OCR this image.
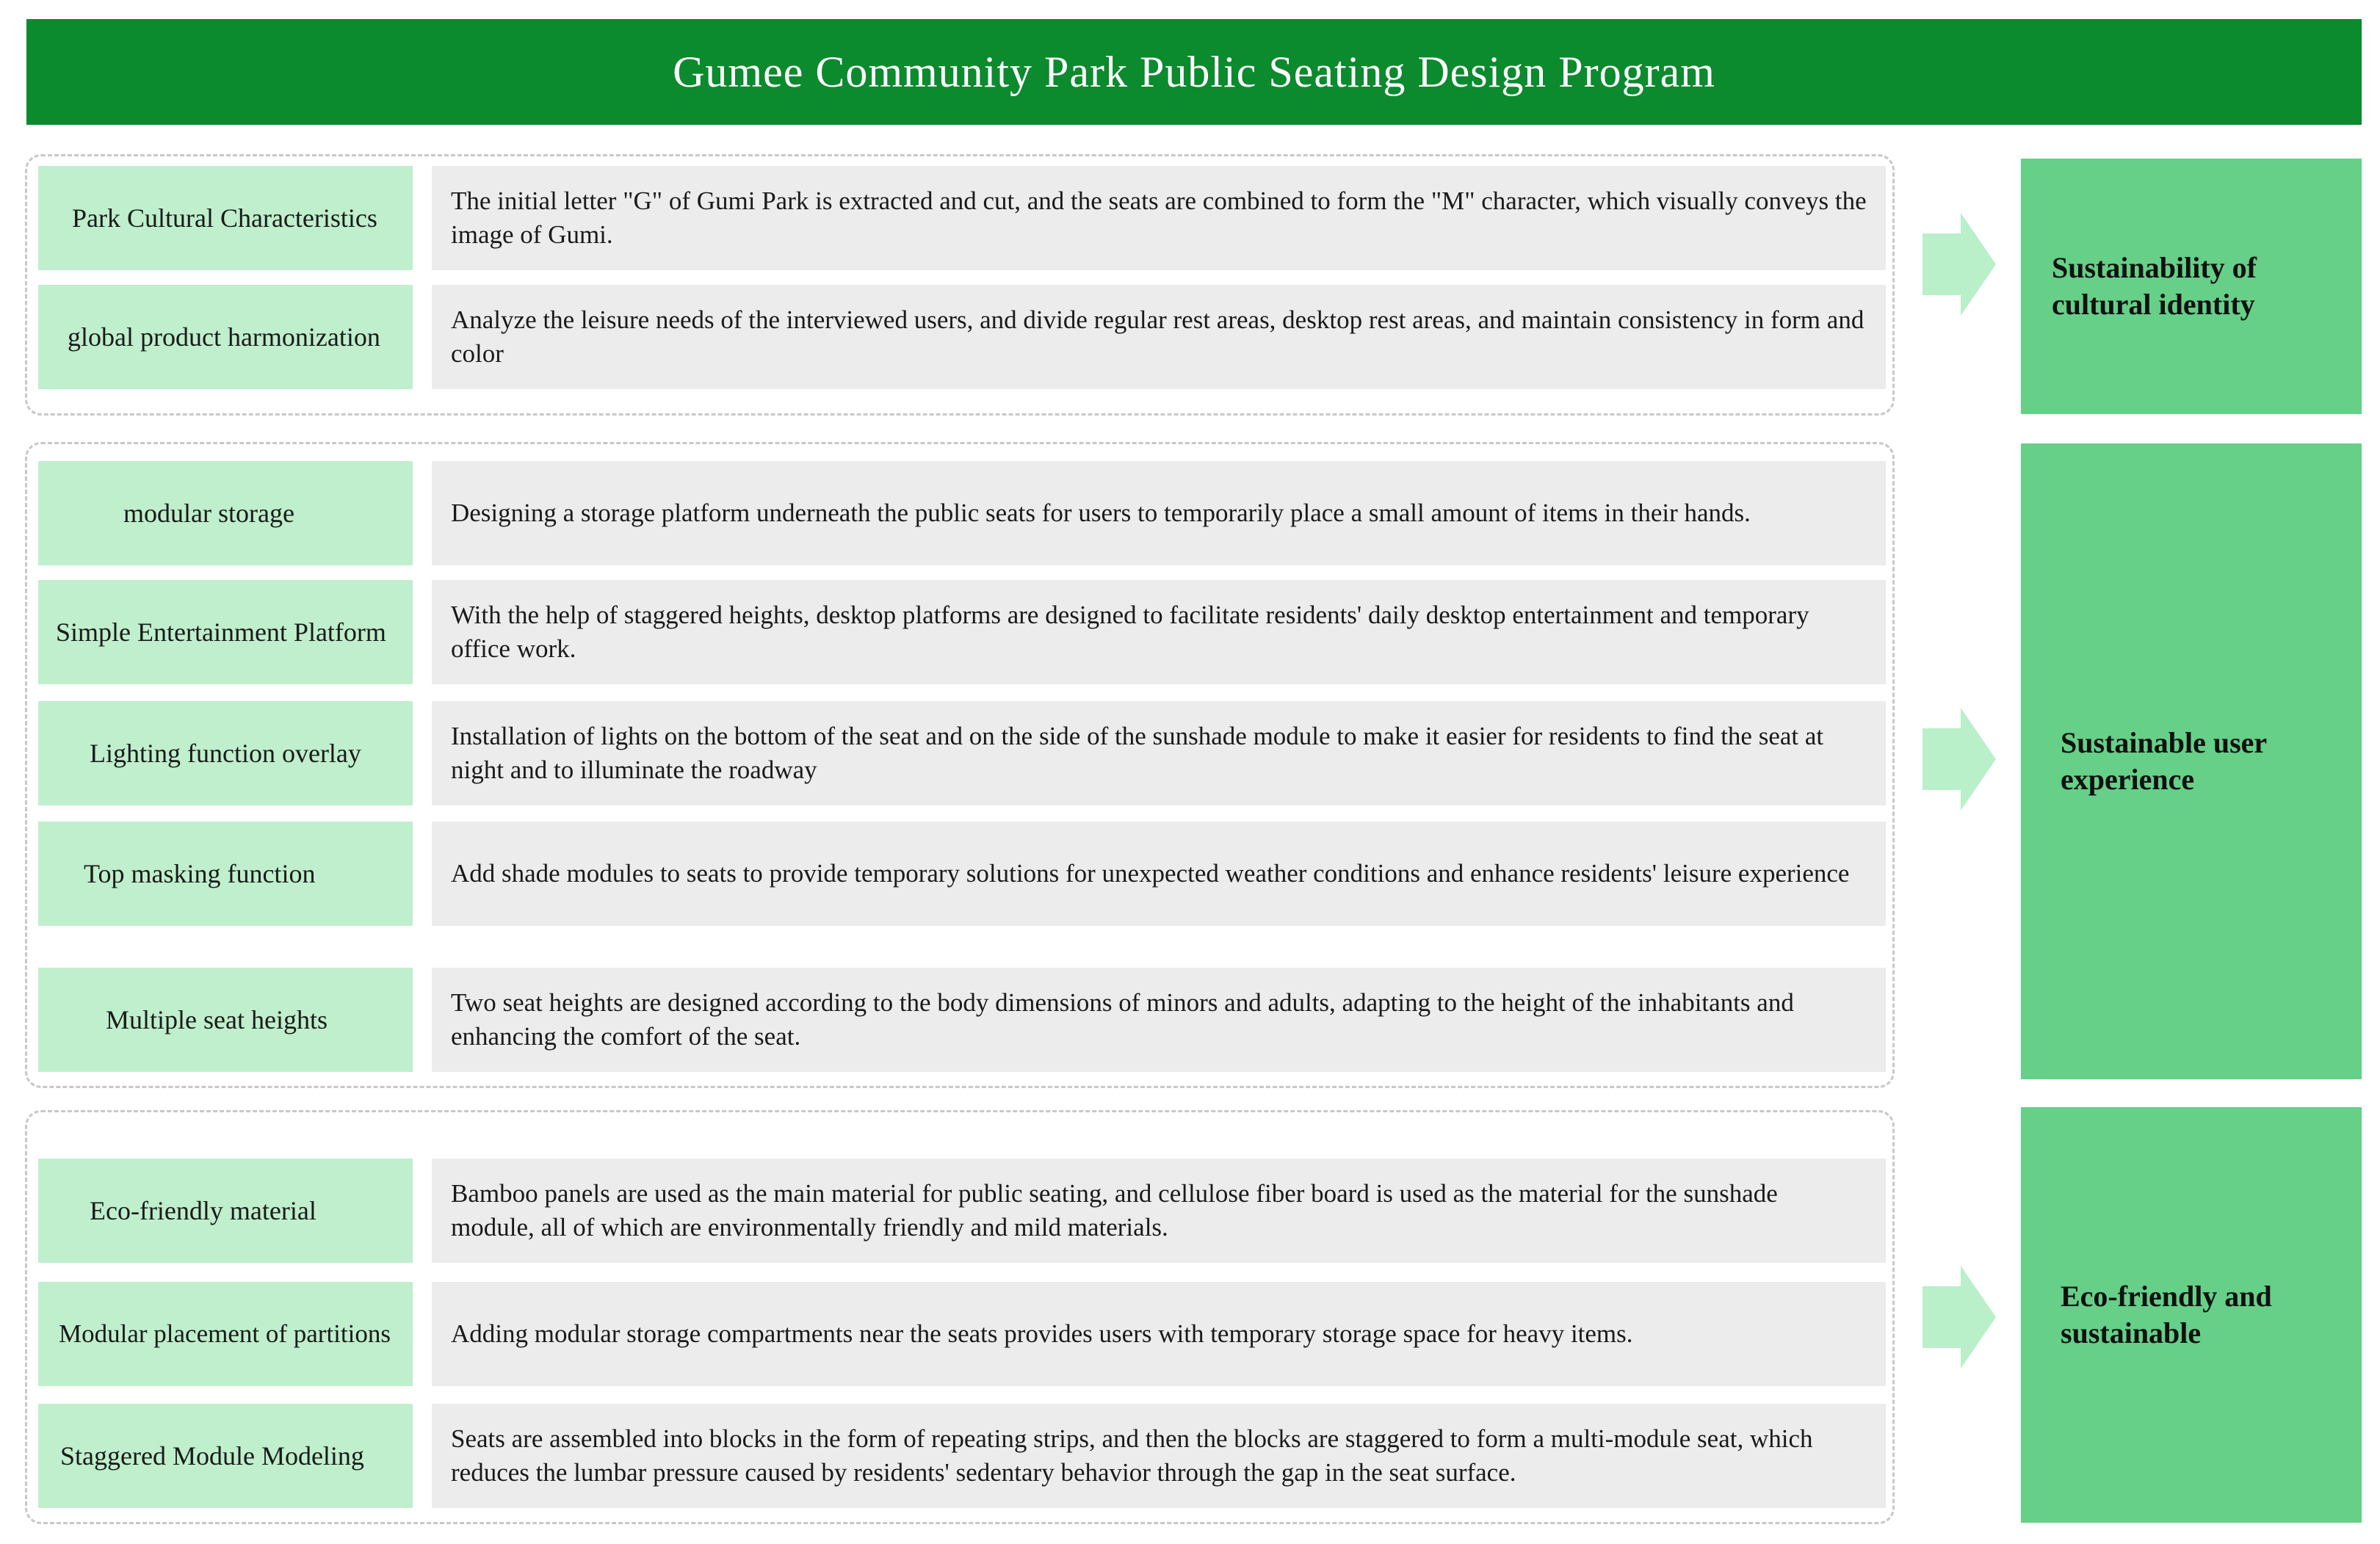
Gumee Community Park Public Seating Design Program
Park Cultural Characteristics
The initial letter "G" of Gumi Park is extracted and cut, and the seats are combined to form the "M" character, which visually conveys the image of Gumi.
global product harmonization
Analyze the leisure needs of the interviewed users, and divide regular rest areas, desktop rest areas, and maintain consistency in form and color
modular storage	Designing a storage platform underneath the public seats for users to temporarily place a small amount of items in their hands.
Simple Entertainment Platform
With the help of staggered heights, desktop platforms are designed to facilitate residents' daily desktop entertainment and temporary office work.
Lighting function overlay
Installation of lights on the bottom of the seat and on the side of the sunshade module to make it easier for residents to find the seat at night and to illuminate the roadway
Top masking function	Add shade modules to seats to provide temporary solutions for unexpected weather conditions and enhance residents' leisure experience
Multiple seat heights
Two seat heights are designed according to the body dimensions of minors and adults, adapting to the height of the inhabitants and enhancing the comfort of the seat.
Eco-friendly material
Bamboo panels are used as the main material for public seating, and cellulose fiber board is used as the material for the sunshade module, all of which are environmentally friendly and mild materials.
Modular placement of partitions Adding modular storage compartments near the seats provides users with temporary storage space for heavy items.
Staggered Module Modeling
Seats are assembled into blocks in the form of repeating strips, and then the blocks are staggered to form a multi-module seat, which reduces the lumbar pressure caused by residents' sedentary behavior through the gap in the seat surface.
Sustainability of cultural identity
Sustainable user experience
Eco-friendly and sustainable
